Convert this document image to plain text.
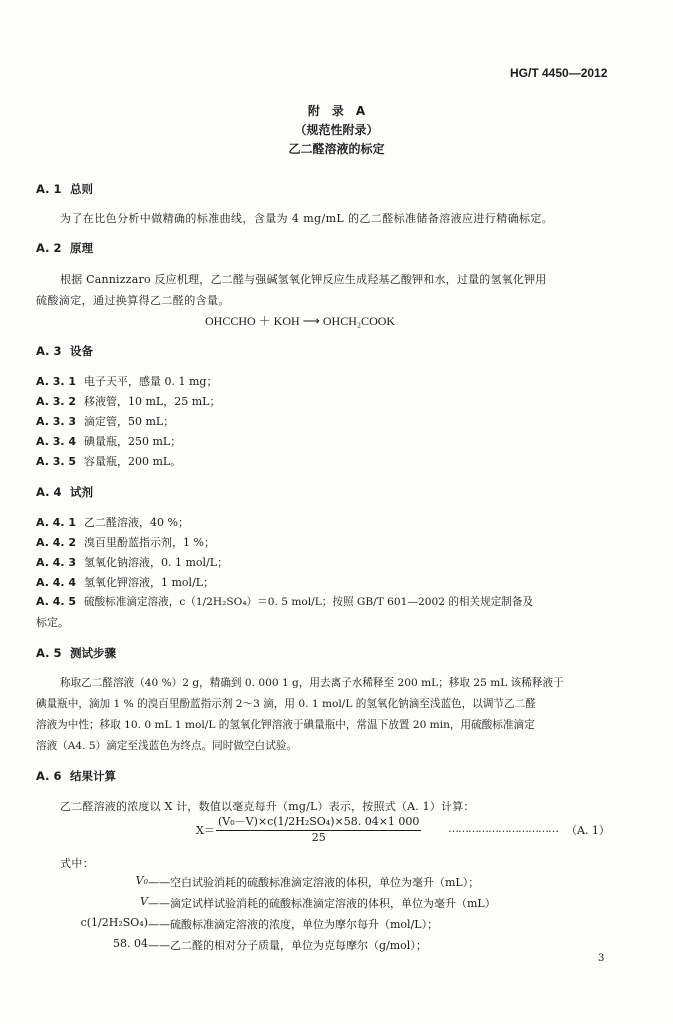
HG/T 4450—2012
附　录　A
（规范性附录）
乙二醛溶液的标定
A. 1 总则
为了在比色分析中做精确的标准曲线，含量为 4 mg/mL 的乙二醛标准储备溶液应进行精确标定。
A. 2 原理
根据 Cannizzaro 反应机理，乙二醛与强碱氢氧化钾反应生成羟基乙酸钾和水，过量的氢氧化钾用
硫酸滴定，通过换算得乙二醛的含量。
OHCCHO ＋ KOH ⟶ OHCH₂COOK
A. 3 设备
A. 3. 1 电子天平，感量 0. 1 mg；
A. 3. 2 移液管，10 mL，25 mL；
A. 3. 3 滴定管，50 mL；
A. 3. 4 碘量瓶，250 mL；
A. 3. 5 容量瓶，200 mL。
A. 4 试剂
A. 4. 1 乙二醛溶液，40 %；
A. 4. 2 溴百里酚蓝指示剂，1 %；
A. 4. 3 氢氧化钠溶液，0. 1 mol/L；
A. 4. 4 氢氧化钾溶液，1 mol/L；
A. 4. 5 硫酸标准滴定溶液，c（1/2H₂SO₄）＝0. 5 mol/L；按照 GB/T 601—2002 的相关规定制备及
标定。
A. 5 测试步骤
称取乙二醛溶液（40 %）2 g，精确到 0. 000 1 g，用去离子水稀释至 200 mL；移取 25 mL 该稀释液于
碘量瓶中，滴加 1 % 的溴百里酚蓝指示剂 2～3 滴，用 0. 1 mol/L 的氢氧化钠滴至浅蓝色，以调节乙二醛
溶液为中性；移取 10. 0 mL 1 mol/L 的氢氧化钾溶液于碘量瓶中，常温下放置 20 min，用硫酸标准滴定
溶液（A4. 5）滴定至浅蓝色为终点。同时做空白试验。
A. 6 结果计算
乙二醛溶液的浓度以 X 计，数值以毫克每升（mg/L）表示，按照式（A. 1）计算：
$X= \frac{\text{(V₀－V)×c(1/2H₂SO₄)×58. 04×1 000}}{25}$ …………………………… （A. 1）
式中：
V₀ ——空白试验消耗的硫酸标准滴定溶液的体积，单位为毫升（mL）；
V ——滴定试样试验消耗的硫酸标准滴定溶液的体积，单位为毫升（mL）
c(1/2H₂SO₄) ——硫酸标准滴定溶液的浓度，单位为摩尔每升（mol/L）；
58. 04 ——乙二醛的相对分子质量，单位为克每摩尔（g/mol）；
3
